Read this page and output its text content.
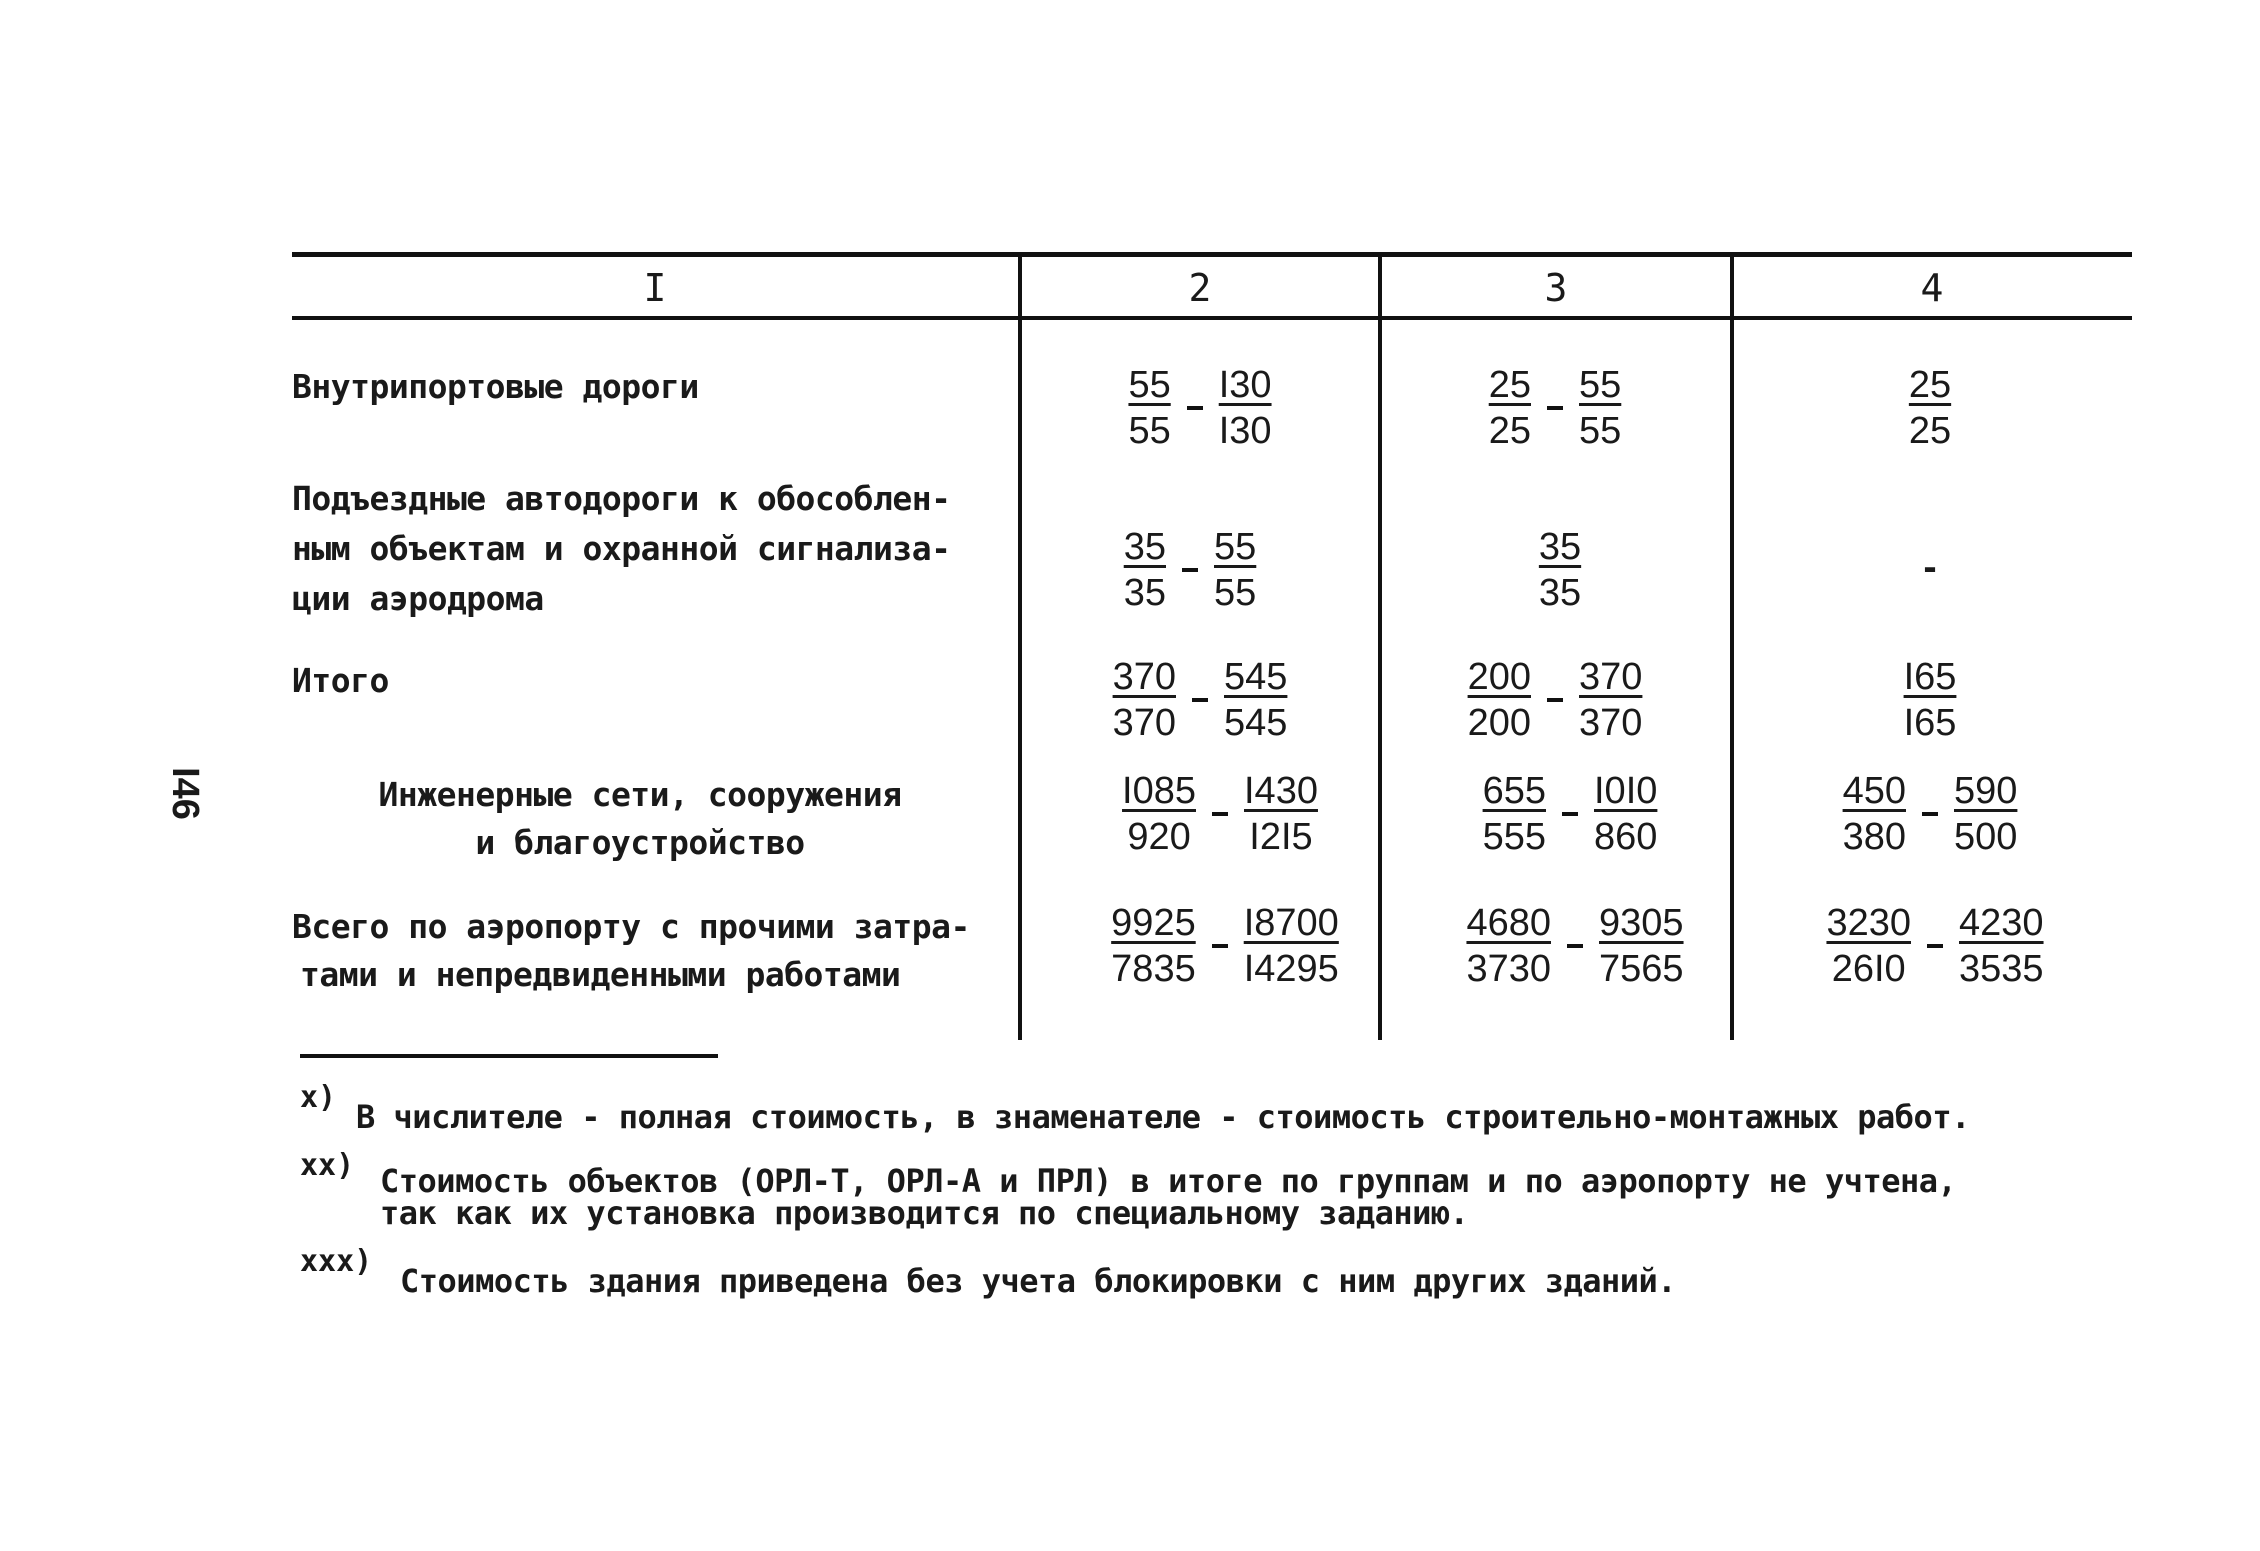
I	2	3	4
Внутрипортовые дороги	$\frac{55}{55} \frac{I30}{I30}$	$\frac{25}{25} \frac{55}{55}$	$\frac{25}{25}$
Подъездные автодороги к обособлен-
ным объектам и охранной сигнализа-
ции аэродрома	$\frac{35}{35} \frac{55}{55}$	$\frac{35}{35}$	-
Итого	$\frac{370}{370} \frac{545}{545}$	$\frac{200}{200} \frac{370}{370}$	$\frac{I65}{I65}$
Инженерные сети, сооружения
и благоустройство	$\frac{I085}{920} \frac{I430}{I2I5}$	$\frac{655}{555} \frac{I0I0}{860}$	$\frac{450}{380} \frac{590}{500}$
Всего по аэропорту с прочими затра-
тами и непредвиденными работами	$\frac{9925}{7835} \frac{I8700}{I4295}$	$\frac{4680}{3730} \frac{9305}{7565}$	$\frac{3230}{26I0} \frac{4230}{3535}$
I46
x)
В числителе - полная стоимость, в знаменателе - стоимость строительно-монтажных работ.
xx) Стоимость объектов (ОРЛ-Т, ОРЛ-А и ПРЛ) в итоге по группам и по аэропорту не учтена,
так как их установка производится по специальному заданию.
xxx)
Стоимость здания приведена без учета блокировки с ним других зданий.
